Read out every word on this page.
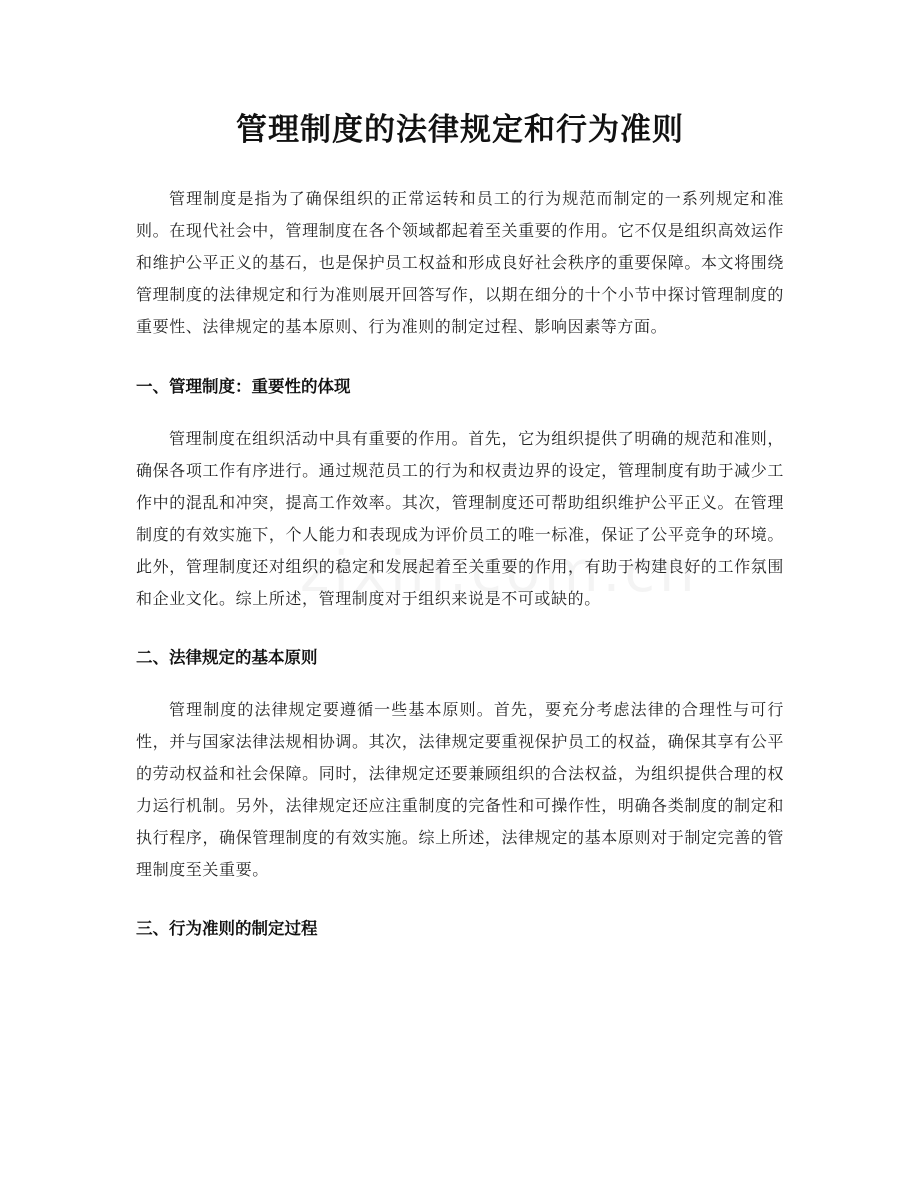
管理制度的法律规定和行为准则

管理制度是指为了确保组织的正常运转和员工的行为规范而制定的一系列规定和准则。在现代社会中，管理制度在各个领域都起着至关重要的作用。它不仅是组织高效运作和维护公平正义的基石，也是保护员工权益和形成良好社会秩序的重要保障。本文将围绕管理制度的法律规定和行为准则展开回答写作，以期在细分的十个小节中探讨管理制度的重要性、法律规定的基本原则、行为准则的制定过程、影响因素等方面。

一、管理制度：重要性的体现

管理制度在组织活动中具有重要的作用。首先，它为组织提供了明确的规范和准则，确保各项工作有序进行。通过规范员工的行为和权责边界的设定，管理制度有助于减少工作中的混乱和冲突，提高工作效率。其次，管理制度还可帮助组织维护公平正义。在管理制度的有效实施下，个人能力和表现成为评价员工的唯一标准，保证了公平竞争的环境。此外，管理制度还对组织的稳定和发展起着至关重要的作用，有助于构建良好的工作氛围和企业文化。综上所述，管理制度对于组织来说是不可或缺的。

二、法律规定的基本原则

管理制度的法律规定要遵循一些基本原则。首先，要充分考虑法律的合理性与可行性，并与国家法律法规相协调。其次，法律规定要重视保护员工的权益，确保其享有公平的劳动权益和社会保障。同时，法律规定还要兼顾组织的合法权益，为组织提供合理的权力运行机制。另外，法律规定还应注重制度的完备性和可操作性，明确各类制度的制定和执行程序，确保管理制度的有效实施。综上所述，法律规定的基本原则对于制定完善的管理制度至关重要。

三、行为准则的制定过程
